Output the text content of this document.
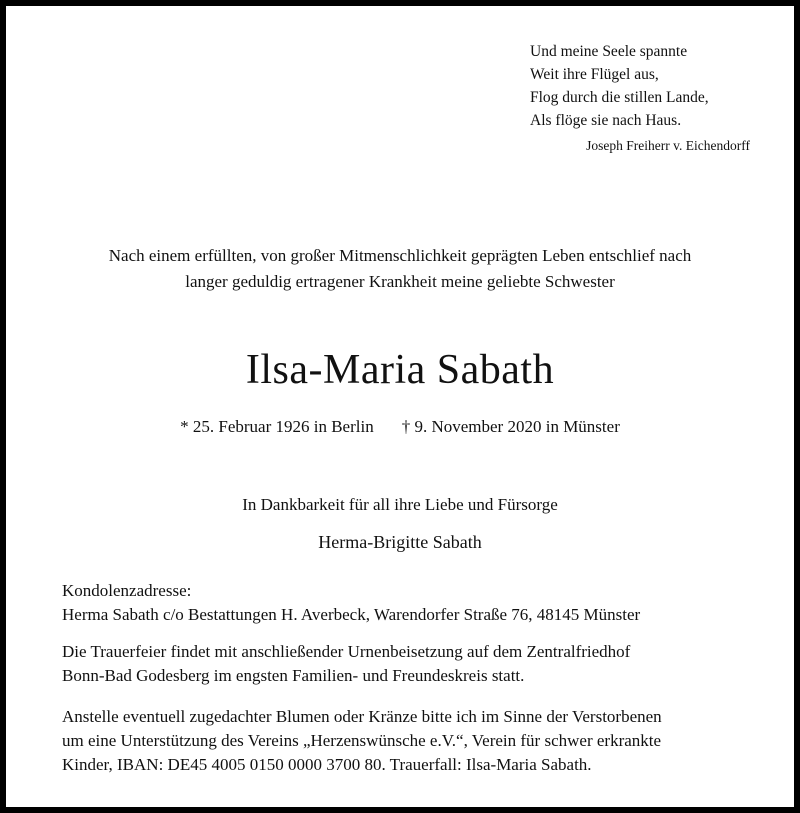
Und meine Seele spannte
Weit ihre Flügel aus,
Flog durch die stillen Lande,
Als flöge sie nach Haus.
Joseph Freiherr v. Eichendorff
Nach einem erfüllten, von großer Mitmenschlichkeit geprägten Leben entschlief nach
langer geduldig ertragener Krankheit meine geliebte Schwester
Ilsa-Maria Sabath
* 25. Februar 1926 in Berlin † 9. November 2020 in Münster
In Dankbarkeit für all ihre Liebe und Fürsorge
Herma-Brigitte Sabath
Kondolenzadresse:
Herma Sabath c/o Bestattungen H. Averbeck, Warendorfer Straße 76, 48145 Münster
Die Trauerfeier findet mit anschließender Urnenbeisetzung auf dem Zentralfriedhof
Bonn-Bad Godesberg im engsten Familien- und Freundeskreis statt.
Anstelle eventuell zugedachter Blumen oder Kränze bitte ich im Sinne der Verstorbenen
um eine Unterstützung des Vereins „Herzenswünsche e.V.“, Verein für schwer erkrankte
Kinder, IBAN: DE45 4005 0150 0000 3700 80. Trauerfall: Ilsa-Maria Sabath.
